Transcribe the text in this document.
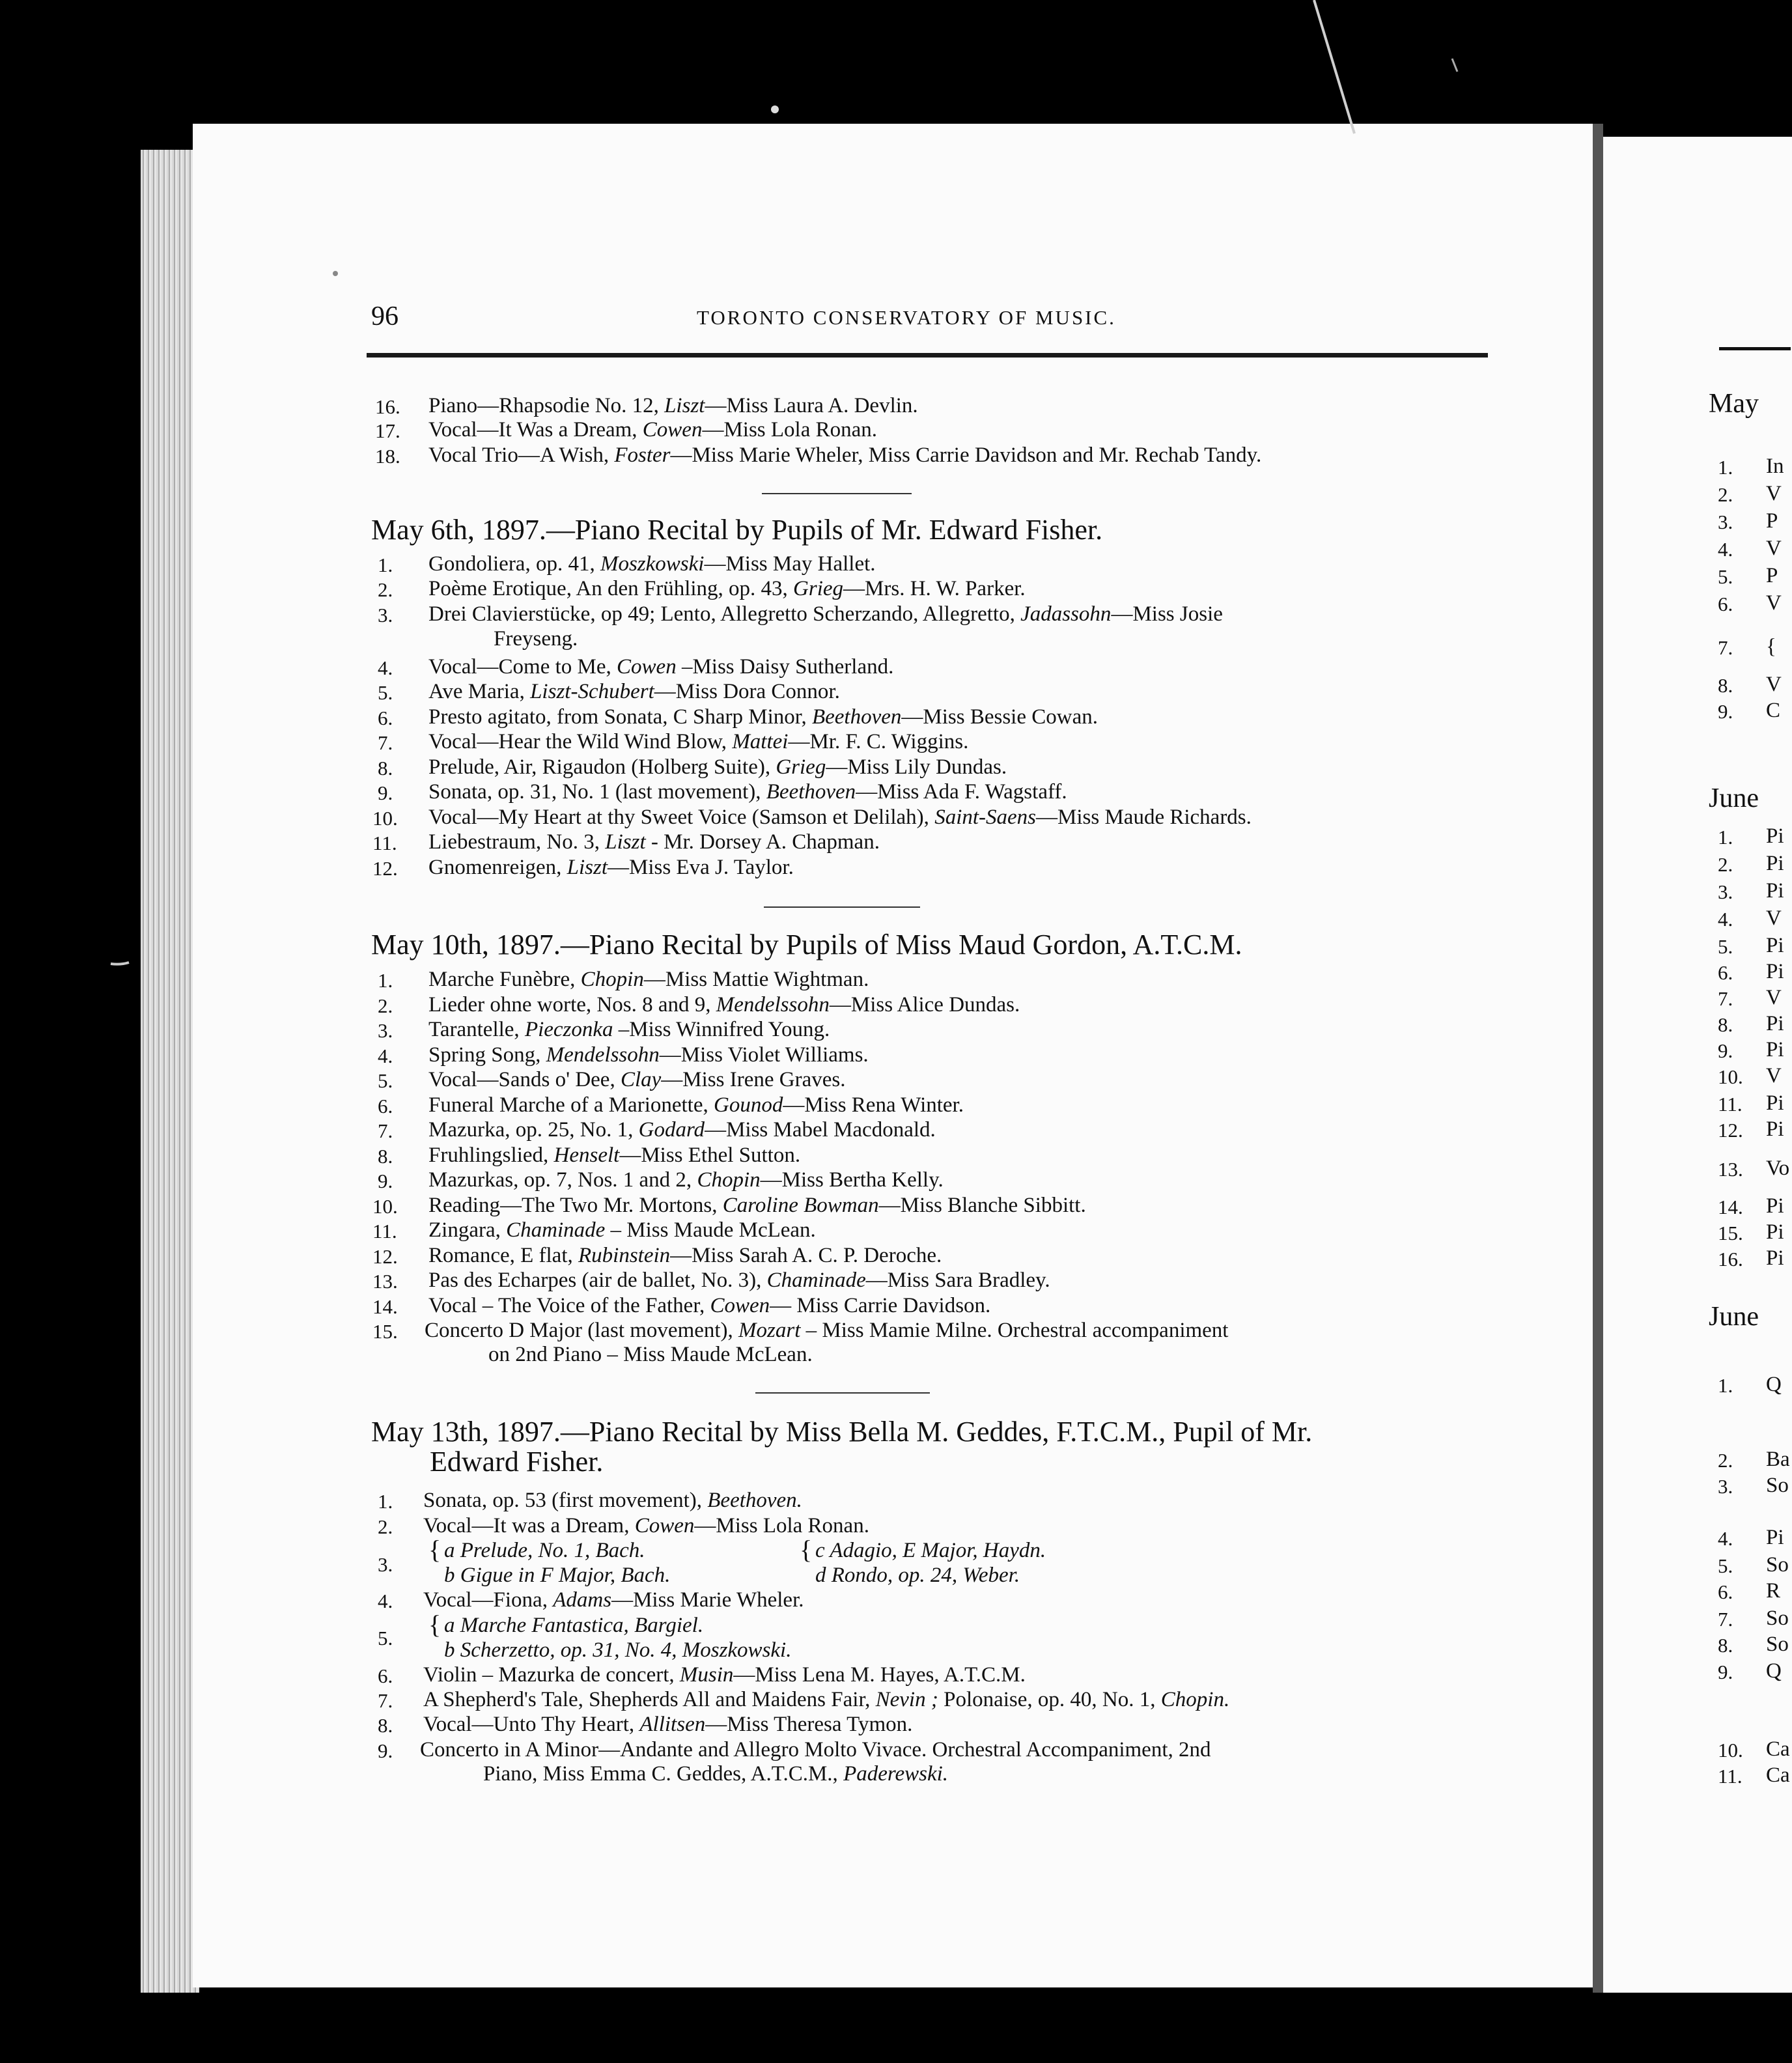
96	TORONTO CONSERVATORY OF MUSIC.
16. Piano—Rhapsodie No. 12, Liszt—Miss Laura A. Devlin.
17. Vocal—It Was a Dream, Cowen—Miss Lola Ronan.
18. Vocal Trio—A Wish, Foster—Miss Marie Wheler, Miss Carrie Davidson and Mr. Rechab Tandy.
May 6th, 1897.—Piano Recital by Pupils of Mr. Edward Fisher.
1. Gondoliera, op. 41, Moszkowski—Miss May Hallet.
2. Poème Erotique, An den Frühling, op. 43, Grieg—Mrs. H. W. Parker.
3. Drei Clavierstücke, op 49; Lento, Allegretto Scherzando, Allegretto, Jadassohn—Miss Josie
Freyseng.
4. Vocal—Come to Me, Cowen –Miss Daisy Sutherland.
5. Ave Maria, Liszt-Schubert—Miss Dora Connor.
6. Presto agitato, from Sonata, C Sharp Minor, Beethoven—Miss Bessie Cowan.
7. Vocal—Hear the Wild Wind Blow, Mattei—Mr. F. C. Wiggins.
8. Prelude, Air, Rigaudon (Holberg Suite), Grieg—Miss Lily Dundas.
9. Sonata, op. 31, No. 1 (last movement), Beethoven—Miss Ada F. Wagstaff.
10. Vocal—My Heart at thy Sweet Voice (Samson et Delilah), Saint-Saens—Miss Maude Richards.
11. Liebestraum, No. 3, Liszt - Mr. Dorsey A. Chapman.
12. Gnomenreigen, Liszt—Miss Eva J. Taylor.
May 10th, 1897.—Piano Recital by Pupils of Miss Maud Gordon, A.T.C.M.
1. Marche Funèbre, Chopin—Miss Mattie Wightman.
2. Lieder ohne worte, Nos. 8 and 9, Mendelssohn—Miss Alice Dundas.
3. Tarantelle, Pieczonka –Miss Winnifred Young.
4. Spring Song, Mendelssohn—Miss Violet Williams.
5. Vocal—Sands o' Dee, Clay—Miss Irene Graves.
6. Funeral Marche of a Marionette, Gounod—Miss Rena Winter.
7. Mazurka, op. 25, No. 1, Godard—Miss Mabel Macdonald.
8. Fruhlingslied, Henselt—Miss Ethel Sutton.
9. Mazurkas, op. 7, Nos. 1 and 2, Chopin—Miss Bertha Kelly.
10. Reading—The Two Mr. Mortons, Caroline Bowman—Miss Blanche Sibbitt.
11. Zingara, Chaminade – Miss Maude McLean.
12. Romance, E flat, Rubinstein—Miss Sarah A. C. P. Deroche.
13. Pas des Echarpes (air de ballet, No. 3), Chaminade—Miss Sara Bradley.
14. Vocal – The Voice of the Father, Cowen— Miss Carrie Davidson.
15. Concerto D Major (last movement), Mozart – Miss Mamie Milne. Orchestral accompaniment
on 2nd Piano – Miss Maude McLean.
May 13th, 1897.—Piano Recital by Miss Bella M. Geddes, F.T.C.M., Pupil of Mr.
Edward Fisher.
1. Sonata, op. 53 (first movement), Beethoven.
2. Vocal—It was a Dream, Cowen—Miss Lola Ronan.
3.
{ a Prelude, No. 1, Bach.
b Gigue in F Major, Bach.
{ c Adagio, E Major, Haydn.
d Rondo, op. 24, Weber.
4. Vocal—Fiona, Adams—Miss Marie Wheler.
5. { a Marche Fantastica, Bargiel.
b Scherzetto, op. 31, No. 4, Moszkowski.
6. Violin – Mazurka de concert, Musin—Miss Lena M. Hayes, A.T.C.M.
7. A Shepherd's Tale, Shepherds All and Maidens Fair, Nevin ; Polonaise, op. 40, No. 1, Chopin.
8. Vocal—Unto Thy Heart, Allitsen—Miss Theresa Tymon.
9. Concerto in A Minor—Andante and Allegro Molto Vivace. Orchestral Accompaniment, 2nd
Piano, Miss Emma C. Geddes, A.T.C.M., Paderewski.
May
June
June
1. In
2. V
3. P
4. V
5. P
6. V
7. {
8. V
9. C
1. Pi
2. Pi
3. Pi
4. V
5. Pi
6. Pi
7. V
8. Pi
9. Pi
10. V
11. Pi
12. Pi
13. Vo
14. Pi
15. Pi
16. Pi
1. Q
2. Ba
3. So
4. Pi
5. So
6. R
7. So
8. So
9. Q
10. Ca
11. Ca
